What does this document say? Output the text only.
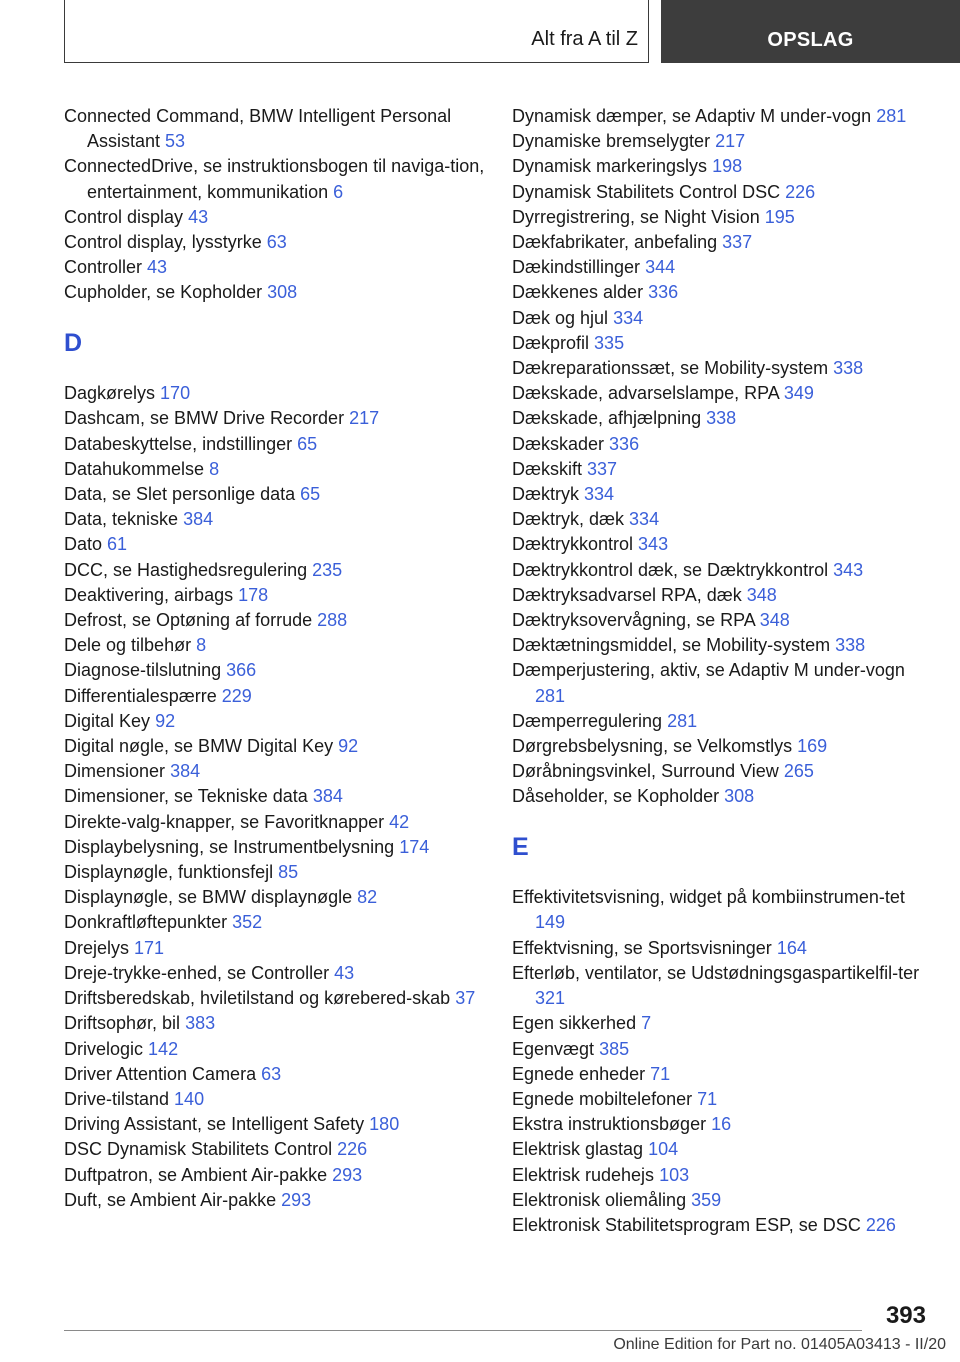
Alt fra A til Z	OPSLAG
Connected Command, BMW Intelligent Personal Assistant 53
ConnectedDrive, se instruktionsbogen til naviga‐tion, entertainment, kommunikation 6
Control display 43
Control display, lysstyrke 63
Controller 43
Cupholder, se Kopholder 308
D
Dagkørelys 170
Dashcam, se BMW Drive Recorder 217
Databeskyttelse, indstillinger 65
Datahukommelse 8
Data, se Slet personlige data 65
Data, tekniske 384
Dato 61
DCC, se Hastighedsregulering 235
Deaktivering, airbags 178
Defrost, se Optøning af forrude 288
Dele og tilbehør 8
Diagnose-tilslutning 366
Differentialespærre 229
Digital Key 92
Digital nøgle, se BMW Digital Key 92
Dimensioner 384
Dimensioner, se Tekniske data 384
Direkte-valg-knapper, se Favoritknapper 42
Displaybelysning, se Instrumentbelysning 174
Displaynøgle, funktionsfejl 85
Displaynøgle, se BMW displaynøgle 82
Donkraftløftepunkter 352
Drejelys 171
Dreje-trykke-enhed, se Controller 43
Driftsberedskab, hviletilstand og kørebered‐skab 37
Driftsophør, bil 383
Drivelogic 142
Driver Attention Camera 63
Drive-tilstand 140
Driving Assistant, se Intelligent Safety 180
DSC Dynamisk Stabilitets Control 226
Duftpatron, se Ambient Air-pakke 293
Duft, se Ambient Air-pakke 293
Dynamisk dæmper, se Adaptiv M under‐vogn 281
Dynamiske bremselygter 217
Dynamisk markeringslys 198
Dynamisk Stabilitets Control DSC 226
Dyrregistrering, se Night Vision 195
Dækfabrikater, anbefaling 337
Dækindstillinger 344
Dækkenes alder 336
Dæk og hjul 334
Dækprofil 335
Dækreparationssæt, se Mobility-system 338
Dækskade, advarselslampe, RPA 349
Dækskade, afhjælpning 338
Dækskader 336
Dækskift 337
Dæktryk 334
Dæktryk, dæk 334
Dæktrykkontrol 343
Dæktrykkontrol dæk, se Dæktrykkontrol 343
Dæktryksadvarsel RPA, dæk 348
Dæktryksovervågning, se RPA 348
Dæktætningsmiddel, se Mobility-system 338
Dæmperjustering, aktiv, se Adaptiv M under‐vogn 281
Dæmperregulering 281
Dørgrebsbelysning, se Velkomstlys 169
Døråbningsvinkel, Surround View 265
Dåseholder, se Kopholder 308
E
Effektivitetsvisning, widget på kombiinstrumen‐tet 149
Effektvisning, se Sportsvisninger 164
Efterløb, ventilator, se Udstødningsgaspartikelfil‐ter 321
Egen sikkerhed 7
Egenvægt 385
Egnede enheder 71
Egnede mobiltelefoner 71
Ekstra instruktionsbøger 16
Elektrisk glastag 104
Elektrisk rudehejs 103
Elektronisk oliemåling 359
Elektronisk Stabilitetsprogram ESP, se DSC 226
393
Online Edition for Part no. 01405A03413 - II/20
